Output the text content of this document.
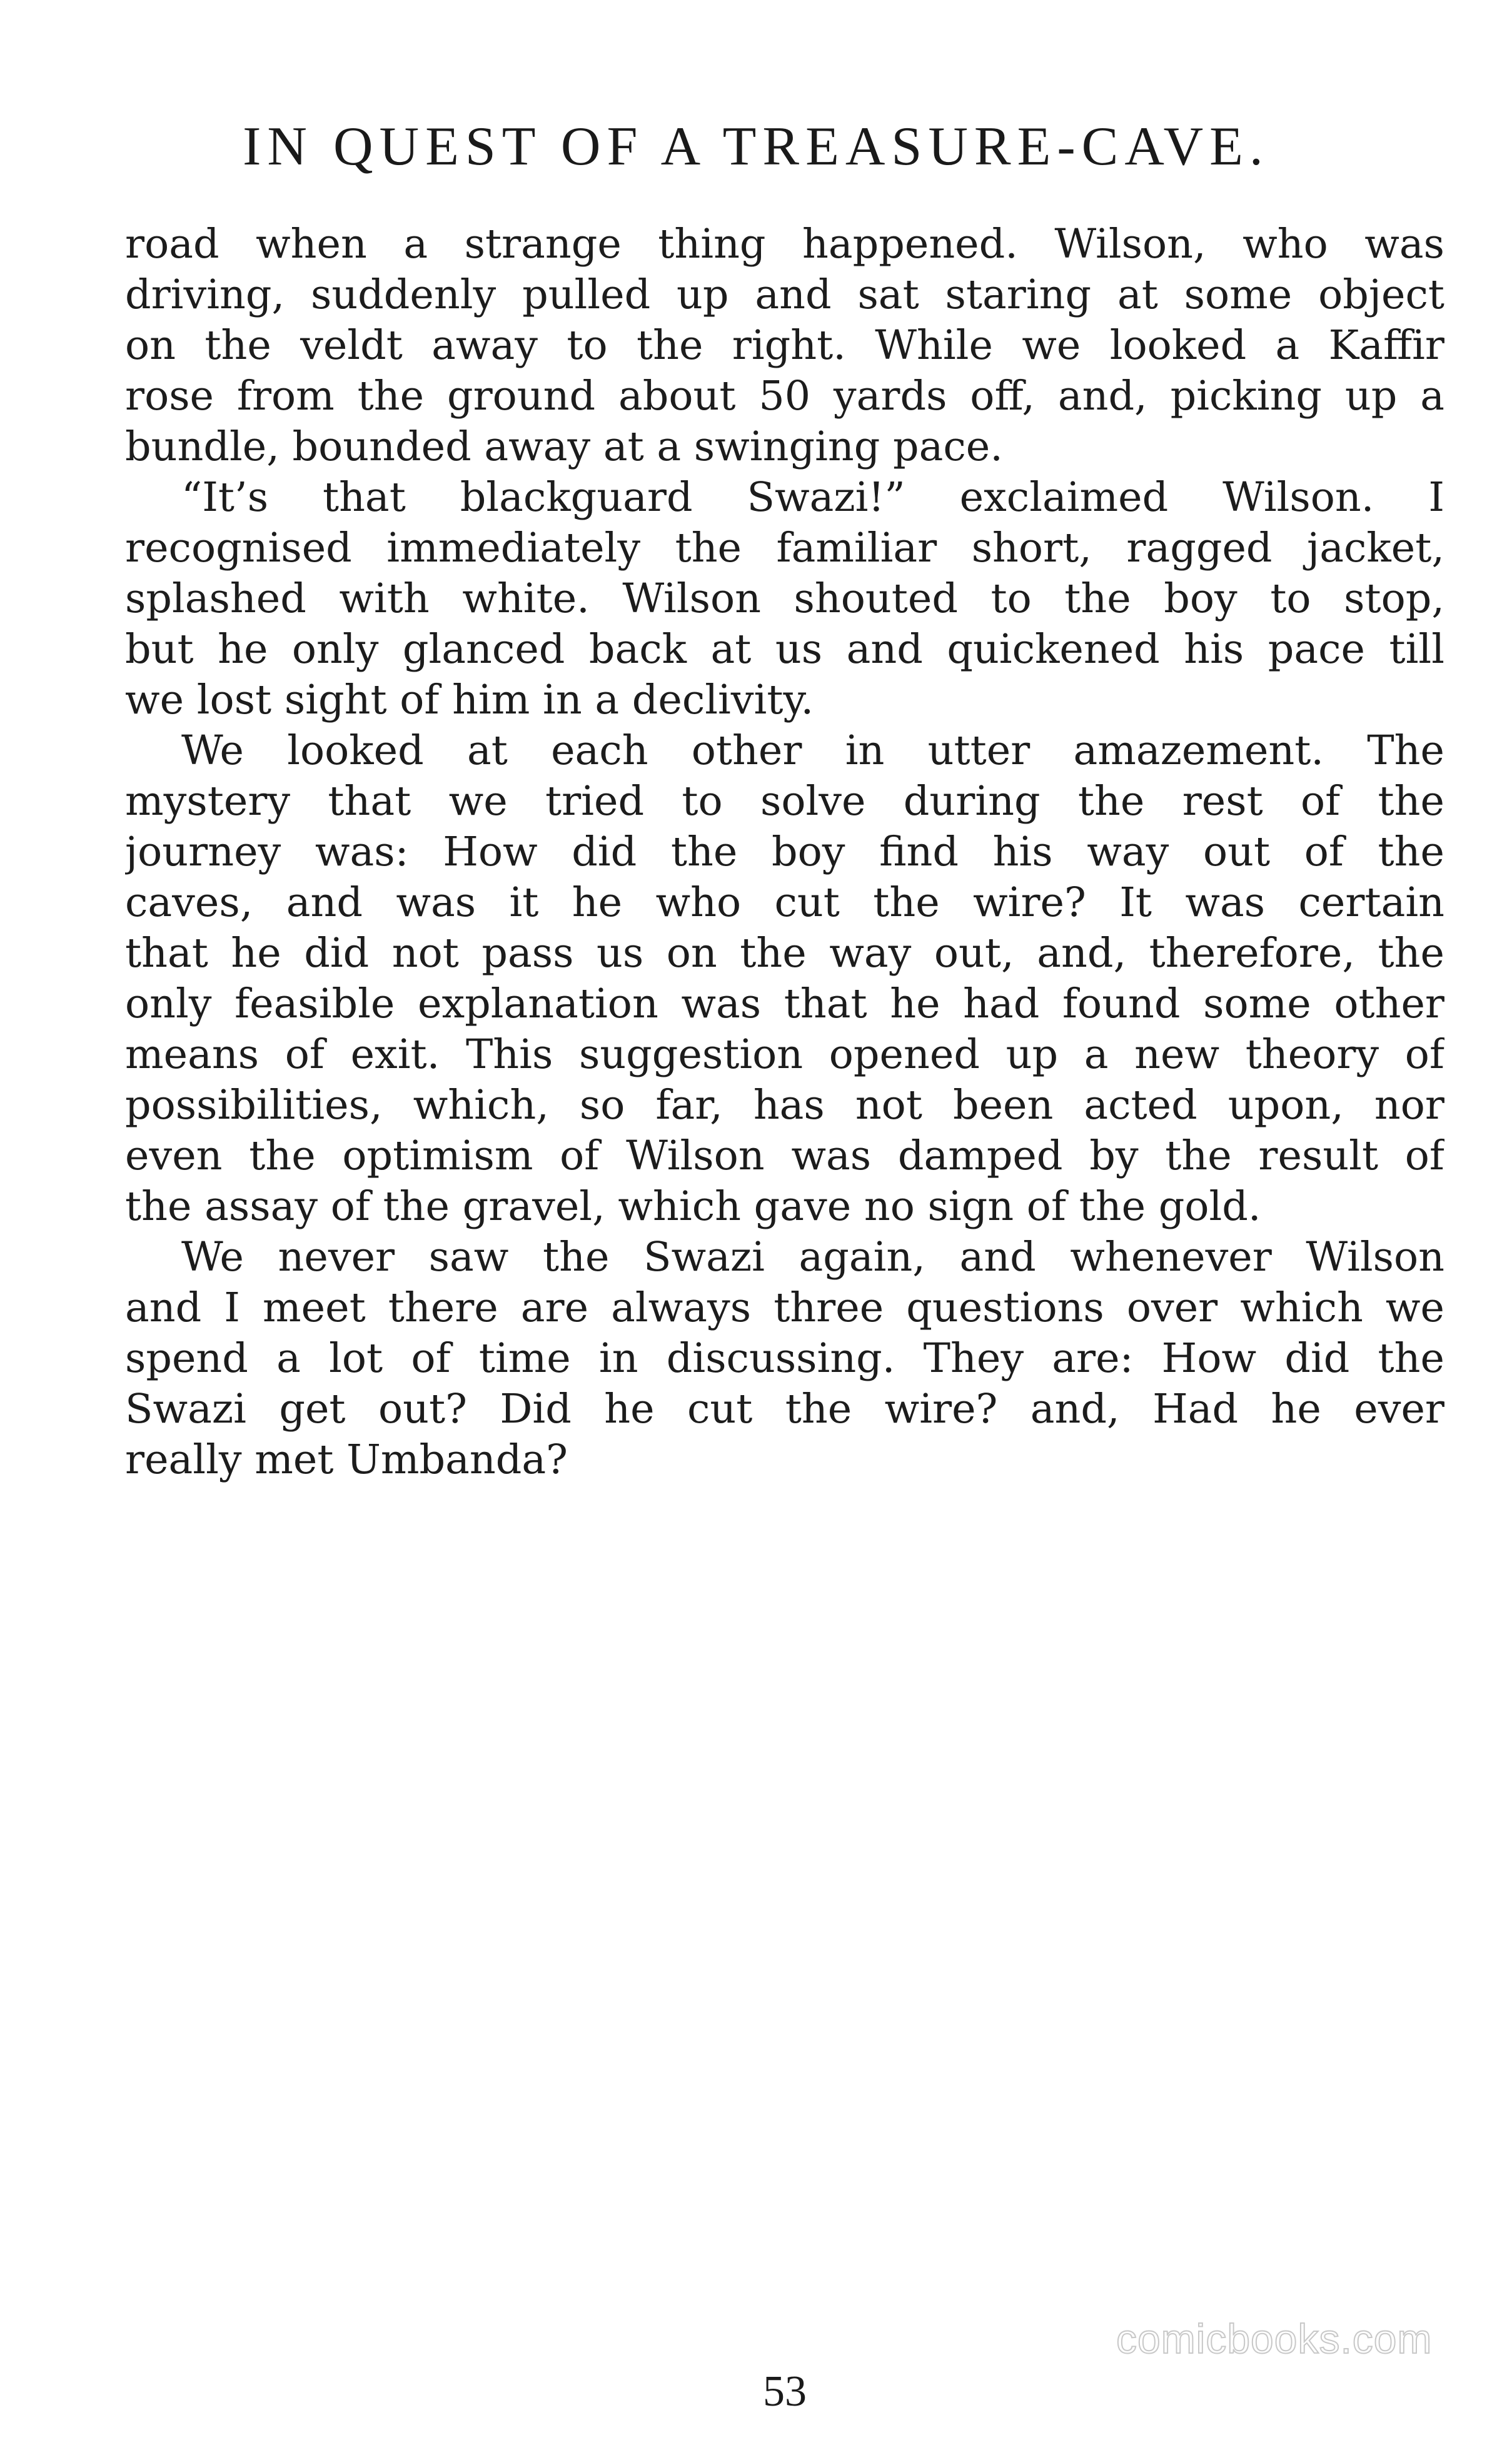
IN QUEST OF A TREASURE-CAVE.
road when a strange thing happened. Wilson, who was
driving, suddenly pulled up and sat staring at some object
on the veldt away to the right. While we looked a Kaffir
rose from the ground about 50 yards off, and, picking up a
bundle, bounded away at a swinging pace.
“It’s that blackguard Swazi!” exclaimed Wilson. I
recognised immediately the familiar short, ragged jacket,
splashed with white. Wilson shouted to the boy to stop,
but he only glanced back at us and quickened his pace till
we lost sight of him in a declivity.
We looked at each other in utter amazement. The
mystery that we tried to solve during the rest of the
journey was: How did the boy find his way out of the
caves, and was it he who cut the wire? It was certain
that he did not pass us on the way out, and, therefore, the
only feasible explanation was that he had found some other
means of exit. This suggestion opened up a new theory of
possibilities, which, so far, has not been acted upon, nor
even the optimism of Wilson was damped by the result of
the assay of the gravel, which gave no sign of the gold.
We never saw the Swazi again, and whenever Wilson
and I meet there are always three questions over which we
spend a lot of time in discussing. They are: How did the
Swazi get out? Did he cut the wire? and, Had he ever
really met Umbanda?
comicbooks.com
53
